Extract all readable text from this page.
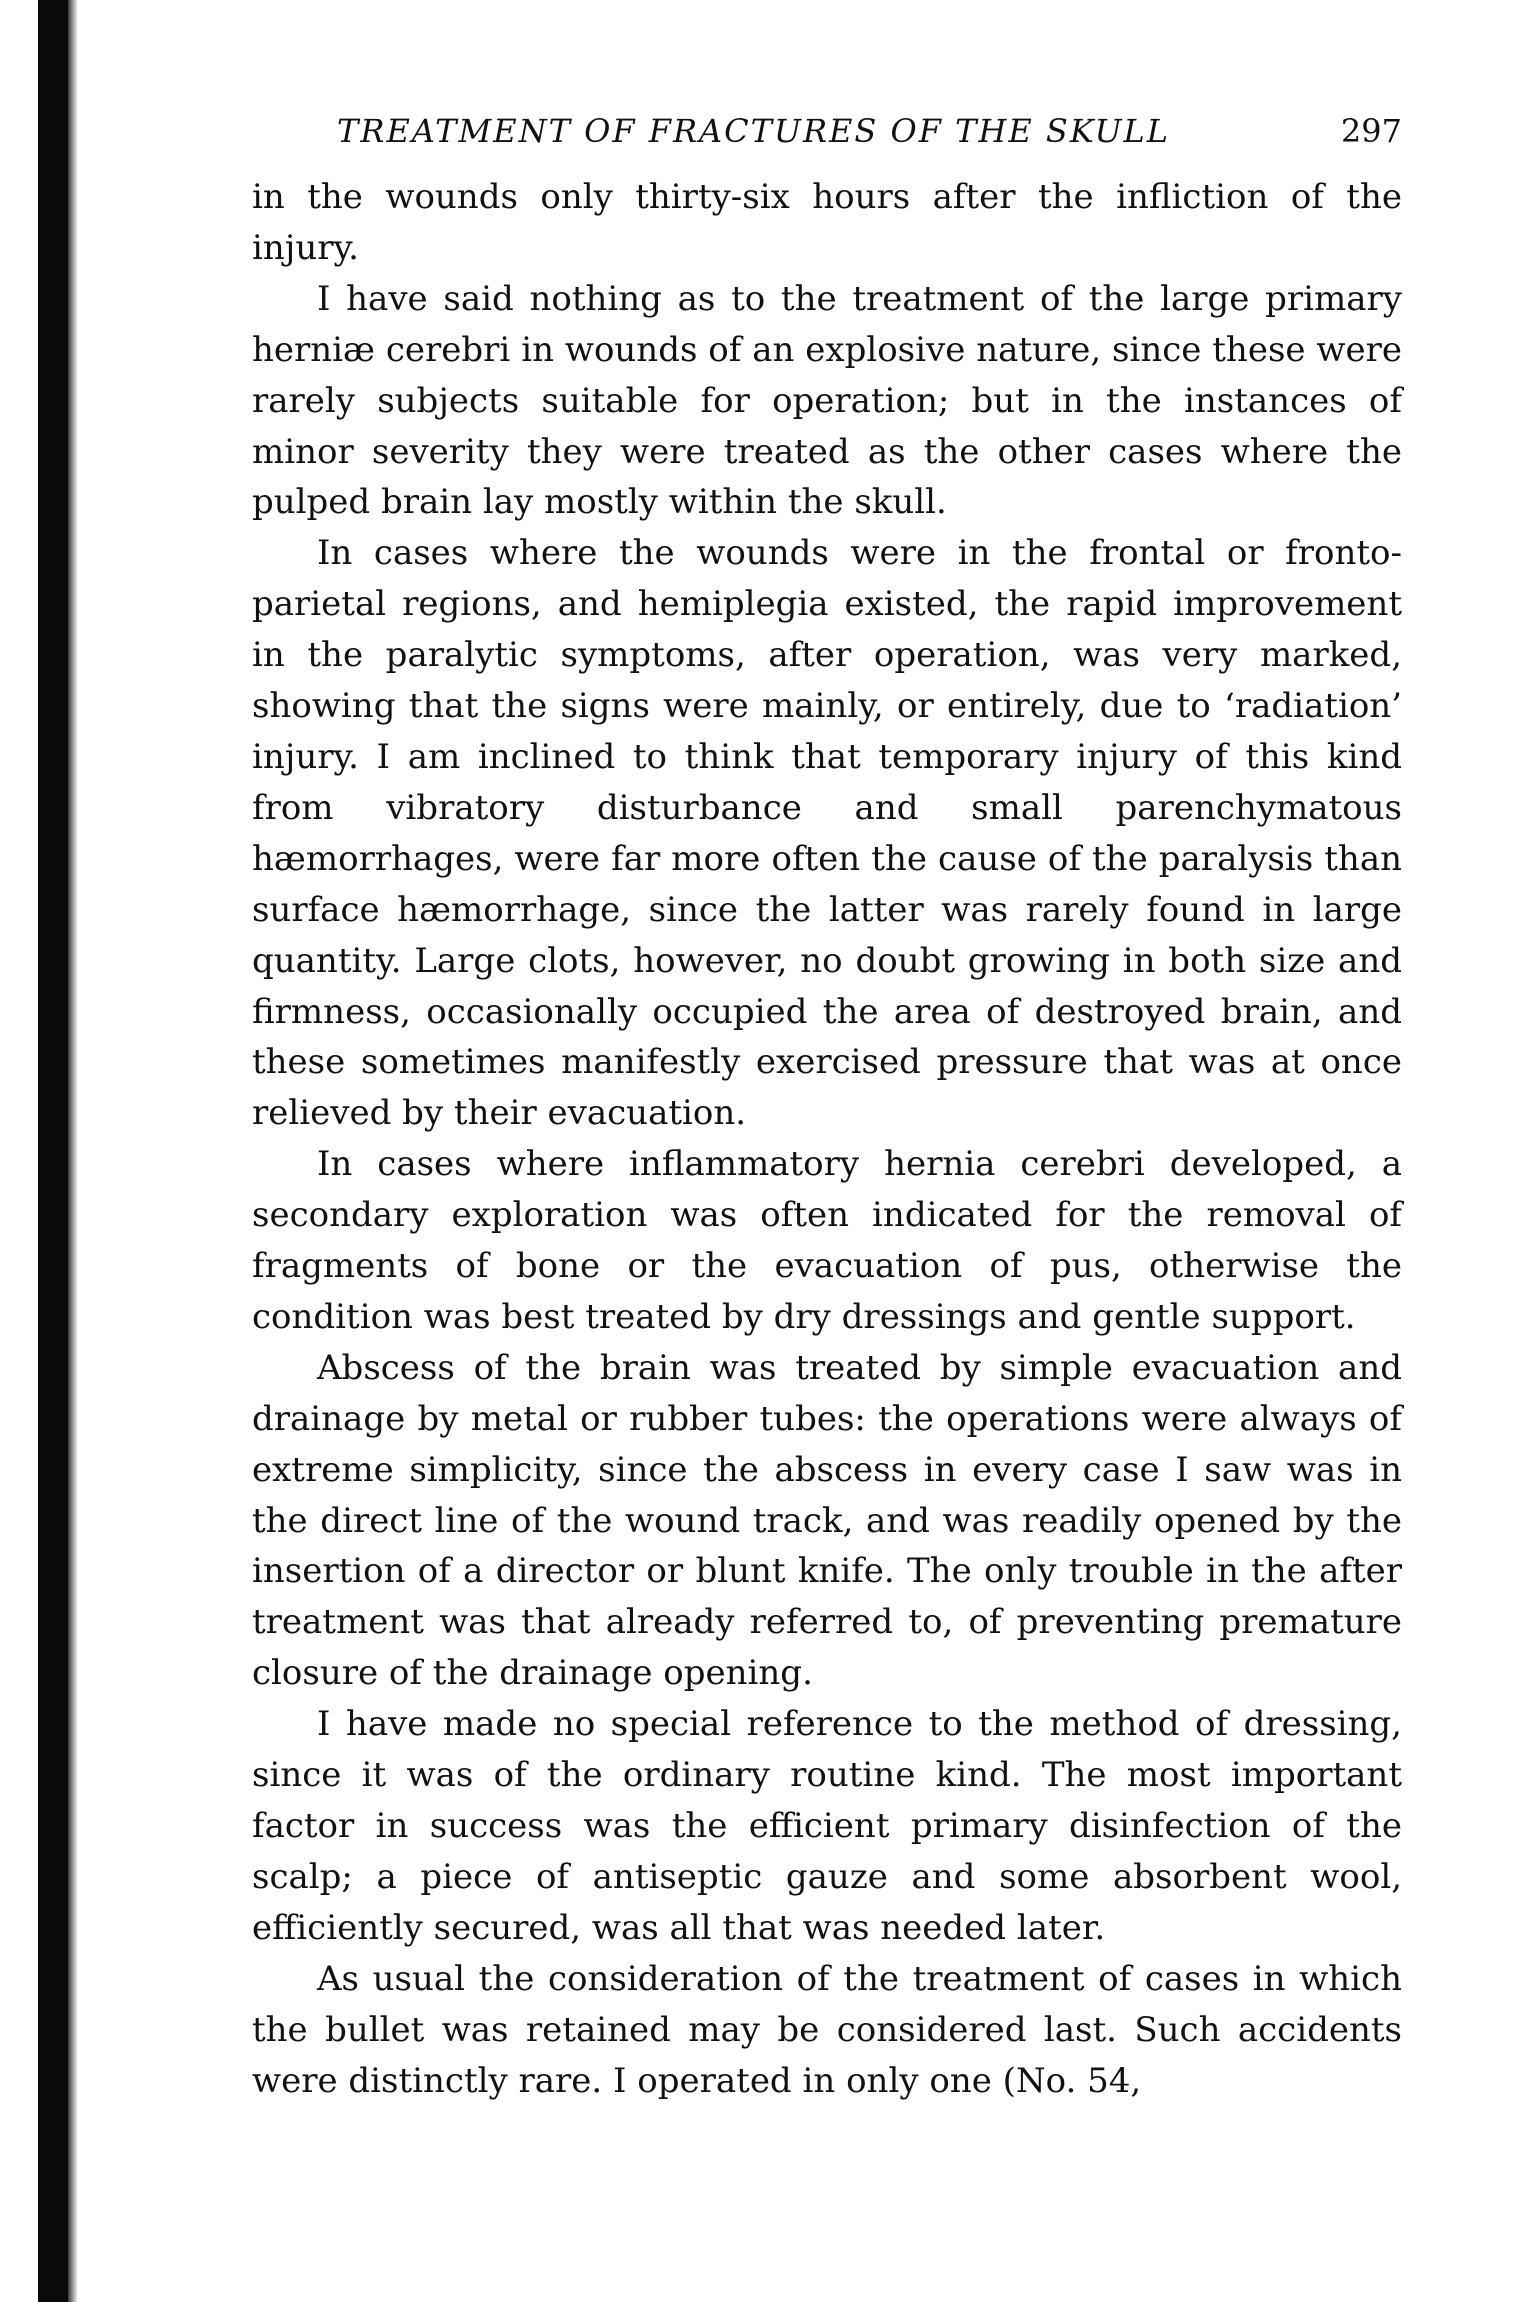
TREATMENT OF FRACTURES OF THE SKULL	297

in the wounds only thirty-six hours after the infliction of the injury.

I have said nothing as to the treatment of the large primary herniæ cerebri in wounds of an explosive nature, since these were rarely subjects suitable for operation; but in the instances of minor severity they were treated as the other cases where the pulped brain lay mostly within the skull.

In cases where the wounds were in the frontal or fronto-parietal regions, and hemiplegia existed, the rapid improvement in the paralytic symptoms, after operation, was very marked, showing that the signs were mainly, or entirely, due to ‘radiation’ injury. I am inclined to think that temporary injury of this kind from vibratory disturbance and small parenchymatous hæmorrhages, were far more often the cause of the paralysis than surface hæmorrhage, since the latter was rarely found in large quantity. Large clots, however, no doubt growing in both size and firmness, occasionally occupied the area of destroyed brain, and these sometimes manifestly exercised pressure that was at once relieved by their evacuation.

In cases where inflammatory hernia cerebri developed, a secondary exploration was often indicated for the removal of fragments of bone or the evacuation of pus, otherwise the condition was best treated by dry dressings and gentle support.

Abscess of the brain was treated by simple evacuation and drainage by metal or rubber tubes: the operations were always of extreme simplicity, since the abscess in every case I saw was in the direct line of the wound track, and was readily opened by the insertion of a director or blunt knife. The only trouble in the after treatment was that already referred to, of preventing premature closure of the drainage opening.

I have made no special reference to the method of dressing, since it was of the ordinary routine kind. The most important factor in success was the efficient primary disinfection of the scalp; a piece of antiseptic gauze and some absorbent wool, efficiently secured, was all that was needed later.

As usual the consideration of the treatment of cases in which the bullet was retained may be considered last. Such accidents were distinctly rare. I operated in only one (No. 54,
